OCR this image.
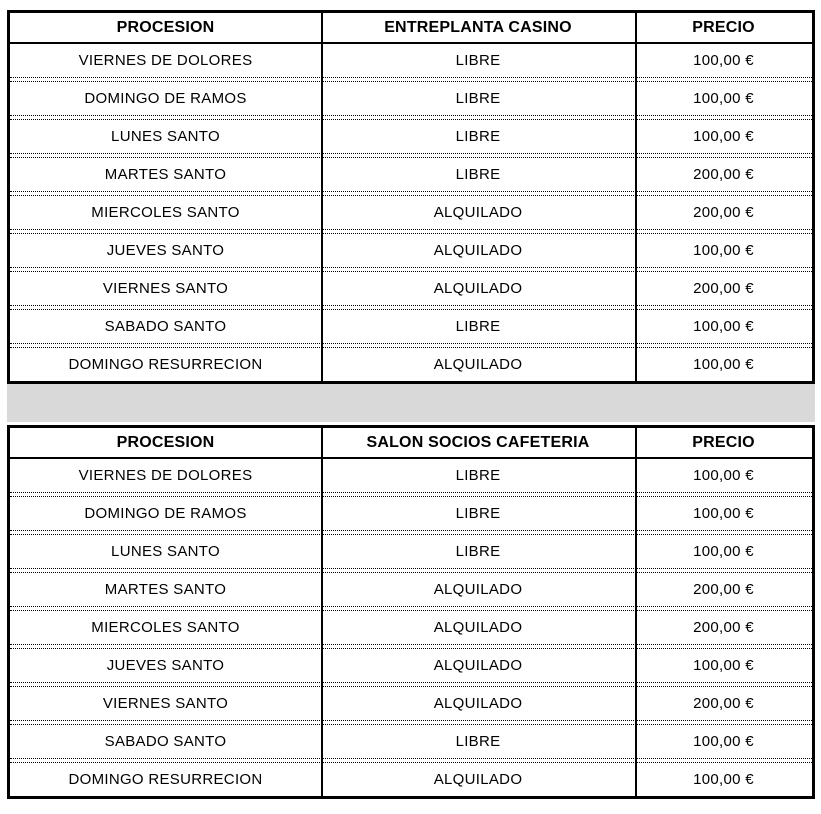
PROCESION	ENTREPLANTA CASINO	PRECIO
VIERNES DE DOLORES	LIBRE	100,00 €
DOMINGO DE RAMOS	LIBRE	100,00 €
LUNES SANTO	LIBRE	100,00 €
MARTES SANTO	LIBRE	200,00 €
MIERCOLES SANTO	ALQUILADO	200,00 €
JUEVES SANTO	ALQUILADO	100,00 €
VIERNES SANTO	ALQUILADO	200,00 €
SABADO SANTO	LIBRE	100,00 €
DOMINGO RESURRECION	ALQUILADO	100,00 €
PROCESION	SALON SOCIOS CAFETERIA	PRECIO
VIERNES DE DOLORES	LIBRE	100,00 €
DOMINGO DE RAMOS	LIBRE	100,00 €
LUNES SANTO	LIBRE	100,00 €
MARTES SANTO	ALQUILADO	200,00 €
MIERCOLES SANTO	ALQUILADO	200,00 €
JUEVES SANTO	ALQUILADO	100,00 €
VIERNES SANTO	ALQUILADO	200,00 €
SABADO SANTO	LIBRE	100,00 €
DOMINGO RESURRECION	ALQUILADO	100,00 €
